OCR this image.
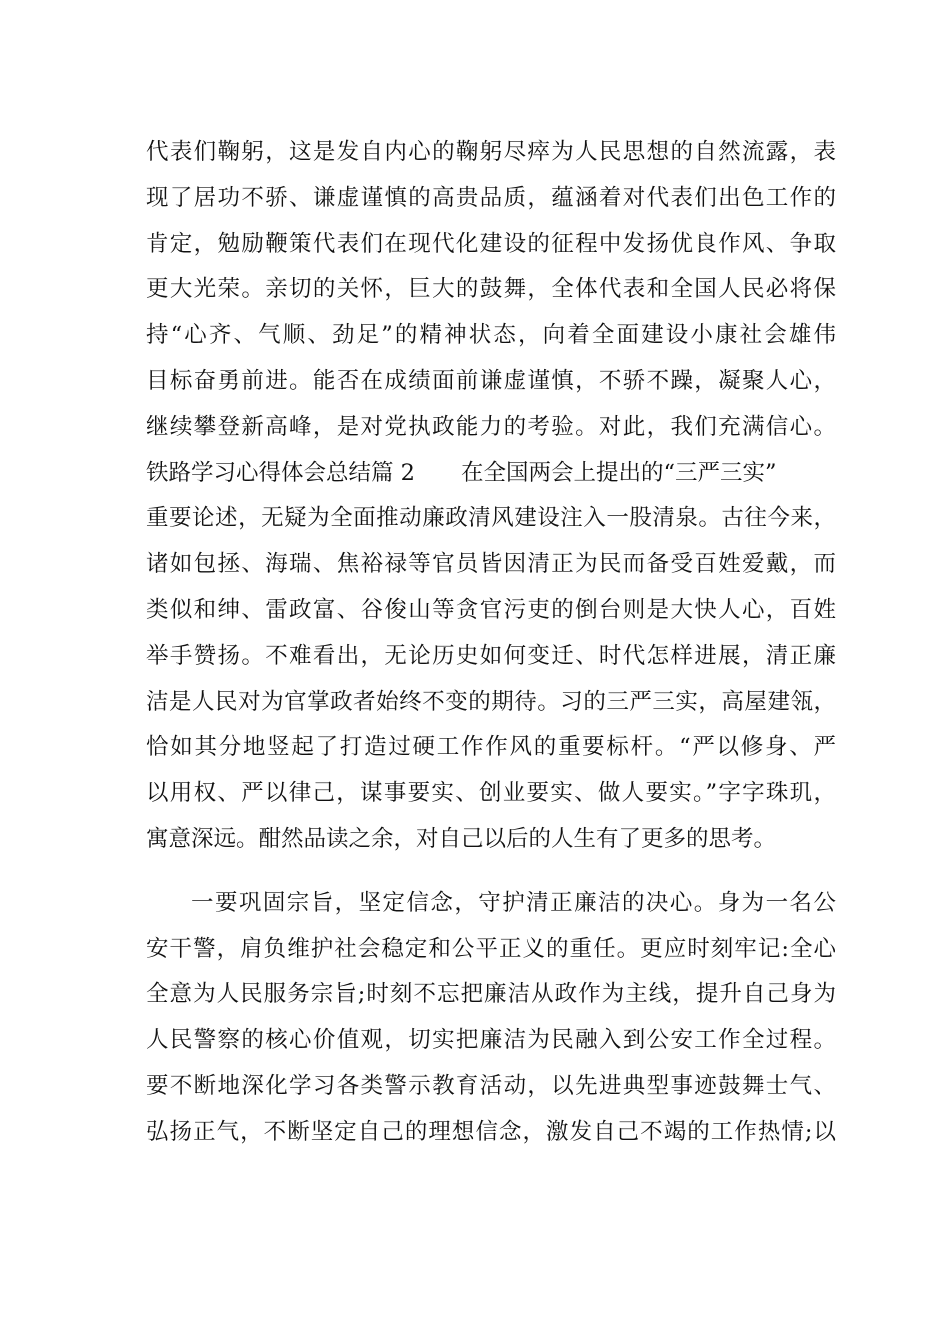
代表们鞠躬，这是发自内心的鞠躬尽瘁为人民思想的自然流露，表
现了居功不骄、谦虚谨慎的高贵品质，蕴涵着对代表们出色工作的
肯定，勉励鞭策代表们在现代化建设的征程中发扬优良作风、争取
更大光荣。亲切的关怀，巨大的鼓舞，全体代表和全国人民必将保
持“心齐、气顺、劲足”的精神状态，向着全面建设小康社会雄伟
目标奋勇前进。能否在成绩面前谦虚谨慎，不骄不躁，凝聚人心，
继续攀登新高峰，是对党执政能力的考验。对此，我们充满信心。
铁路学习心得体会总结篇 2 在全国两会上提出的“三严三实”
重要论述，无疑为全面推动廉政清风建设注入一股清泉。古往今来，
诸如包拯、海瑞、焦裕禄等官员皆因清正为民而备受百姓爱戴，而
类似和绅、雷政富、谷俊山等贪官污吏的倒台则是大快人心，百姓
举手赞扬。不难看出，无论历史如何变迁、时代怎样进展，清正廉
洁是人民对为官掌政者始终不变的期待。习的三严三实，高屋建瓴，
恰如其分地竖起了打造过硬工作作风的重要标杆。“严以修身、严
以用权、严以律己，谋事要实、创业要实、做人要实。”字字珠玑，
寓意深远。酣然品读之余，对自己以后的人生有了更多的思考。
一要巩固宗旨，坚定信念，守护清正廉洁的决心。身为一名公
安干警，肩负维护社会稳定和公平正义的重任。更应时刻牢记:全心
全意为人民服务宗旨;时刻不忘把廉洁从政作为主线，提升自己身为
人民警察的核心价值观，切实把廉洁为民融入到公安工作全过程。
要不断地深化学习各类警示教育活动，以先进典型事迹鼓舞士气、
弘扬正气，不断坚定自己的理想信念，激发自己不竭的工作热情;以
